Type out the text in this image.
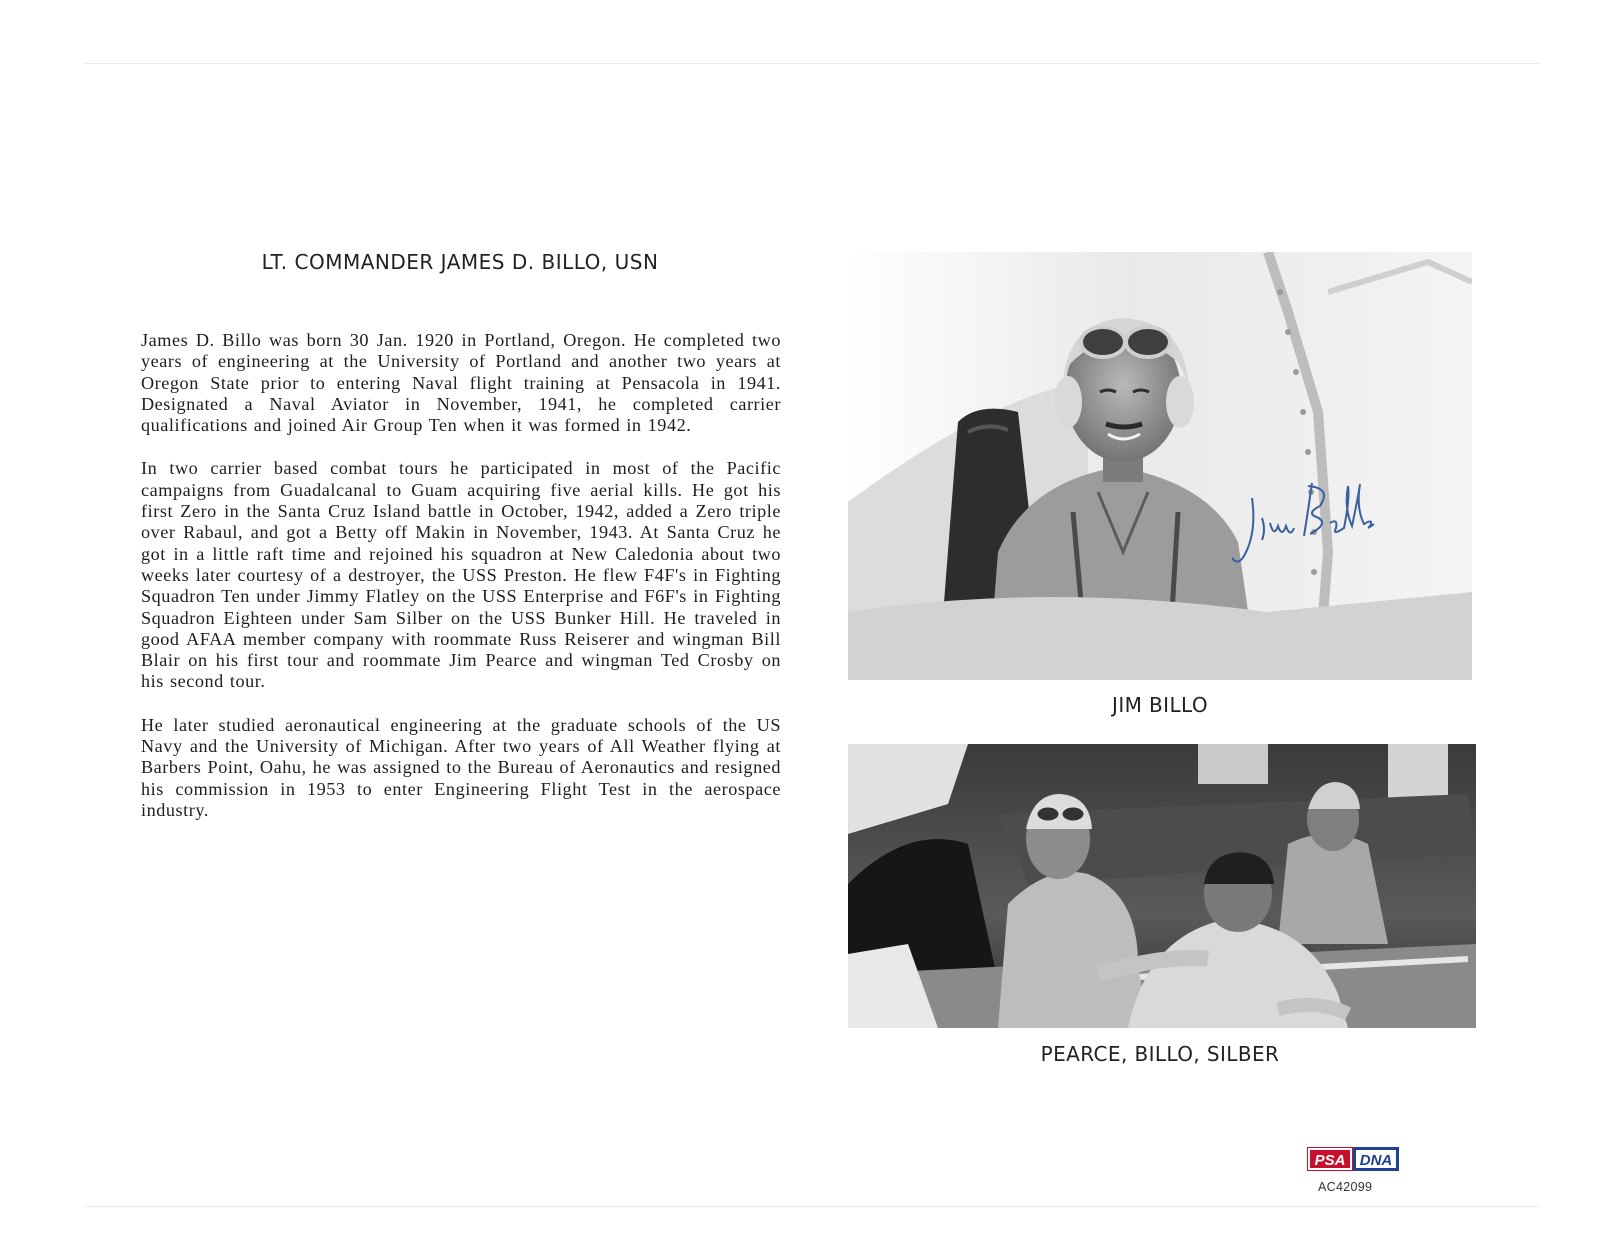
LT. COMMANDER JAMES D. BILLO, USN

James D. Billo was born 30 Jan. 1920 in Portland, Oregon. He completed two years of engineering at the University of Portland and another two years at Oregon State prior to entering Naval flight training at Pensacola in 1941. Designated a Naval Aviator in November, 1941, he completed carrier qualifications and joined Air Group Ten when it was formed in 1942.

In two carrier based combat tours he participated in most of the Pacific campaigns from Guadalcanal to Guam acquiring five aerial kills. He got his first Zero in the Santa Cruz Island battle in October, 1942, added a Zero triple over Rabaul, and got a Betty off Makin in November, 1943. At Santa Cruz he got in a little raft time and rejoined his squadron at New Caledonia about two weeks later courtesy of a destroyer, the USS Preston. He flew F4F's in Fighting Squadron Ten under Jimmy Flatley on the USS Enterprise and F6F's in Fighting Squadron Eighteen under Sam Silber on the USS Bunker Hill. He traveled in good AFAA member company with roommate Russ Reiserer and wingman Bill Blair on his first tour and roommate Jim Pearce and wingman Ted Crosby on his second tour.

He later studied aeronautical engineering at the graduate schools of the US Navy and the University of Michigan. After two years of All Weather flying at Barbers Point, Oahu, he was assigned to the Bureau of Aeronautics and resigned his commission in 1953 to enter Engineering Flight Test in the aerospace industry.

JIM BILLO
PEARCE, BILLO, SILBER
PSA DNA
AC42099
